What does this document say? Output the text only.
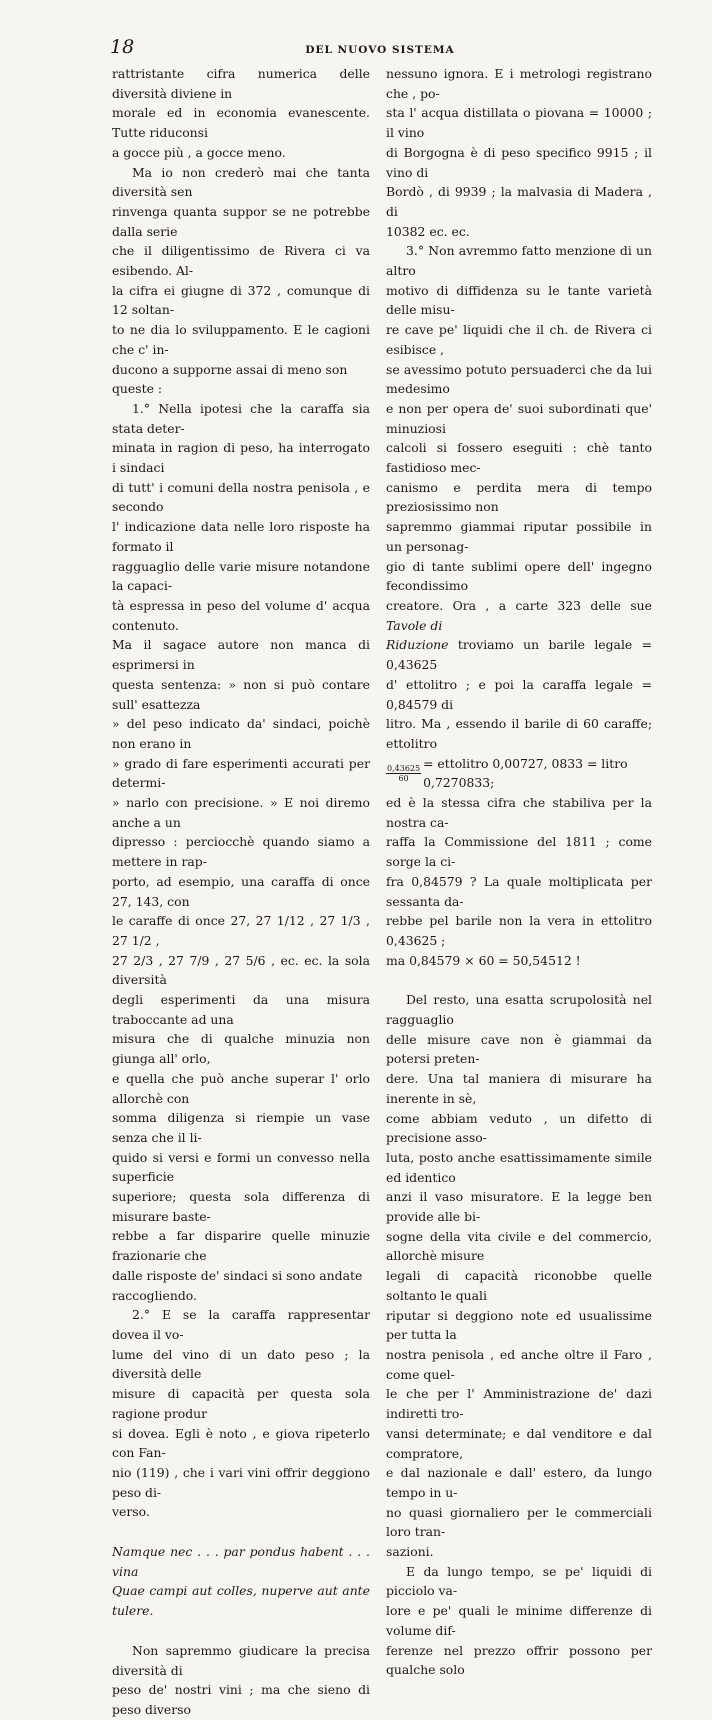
18	DEL NUOVO SISTEMA

rattristante cifra numerica delle diversità diviene in

morale ed in economia evanescente. Tutte riduconsi

a gocce più , a gocce meno.

Ma io non crederò mai che tanta diversità sen

rinvenga quanta suppor se ne potrebbe dalla serie

che il diligentissimo de Rivera ci va esibendo. Al-

la cifra ei giugne di 372 , comunque di 12 soltan-

to ne dia lo sviluppamento. E le cagioni che c' in-

ducono a supporne assai di meno son queste :

1.° Nella ipotesi che la caraffa sia stata deter-

minata in ragion di peso, ha interrogato i sindaci

di tutt' i comuni della nostra penisola , e secondo

l' indicazione data nelle loro risposte ha formato il

ragguaglio delle varie misure notandone la capaci-

tà espressa in peso del volume d' acqua contenuto.

Ma il sagace autore non manca di esprimersi in

questa sentenza: » non si può contare sull' esattezza

» del peso indicato da' sindaci, poichè non erano in

» grado di fare esperimenti accurati per determi-

» narlo con precisione. » E noi diremo anche a un

dipresso : perciocchè quando siamo a mettere in rap-

porto, ad esempio, una caraffa di once 27, 143, con

le caraffe di once 27, 27 1/12 , 27 1/3 , 27 1/2 ,

27 2/3 , 27 7/9 , 27 5/6 , ec. ec. la sola diversità

degli esperimenti da una misura traboccante ad una

misura che di qualche minuzia non giunga all' orlo,

e quella che può anche superar l' orlo allorchè con

somma diligenza si riempie un vase senza che il li-

quido si versi e formi un convesso nella superficie

superiore; questa sola differenza di misurare baste-

rebbe a far disparire quelle minuzie frazionarie che

dalle risposte de' sindaci si sono andate raccogliendo.

2.° E se la caraffa rappresentar dovea il vo-

lume del vino di un dato peso ; la diversità delle

misure di capacità per questa sola ragione produr

si dovea. Egli è noto , e giova ripeterlo con Fan-

nio (119) , che i vari vini offrir deggiono peso di-

verso.

Namque nec . . . par pondus habent . . . vina

Quae campi aut colles, nuperve aut ante tulere.

Non sapremmo giudicare la precisa diversità di

peso de' nostri vini ; ma che sieno di peso diverso

nessuno ignora. E i metrologi registrano che , po-

sta l' acqua distillata o piovana = 10000 ; il vino

di Borgogna è di peso specifico 9915 ; il vino di

Bordò , di 9939 ; la malvasia di Madera , di

10382 ec. ec.

3.° Non avremmo fatto menzione di un altro

motivo di diffidenza su le tante varietà delle misu-

re cave pe' liquidi che il ch. de Rivera ci esibisce ,

se avessimo potuto persuaderci che da lui medesimo

e non per opera de' suoi subordinati que' minuziosi

calcoli si fossero eseguiti : chè tanto fastidioso mec-

canismo e perdita mera di tempo preziosissimo non

sapremmo giammai riputar possibile in un personag-

gio di tante sublimi opere dell' ingegno fecondissimo

creatore. Ora , a carte 323 delle sue Tavole di

Riduzione troviamo un barile legale = 0,43625

d' ettolitro ; e poi la caraffa legale = 0,84579 di

litro. Ma , essendo il barile di 60 caraffe; ettolitro

$\frac{0,43625}{60}$
= ettolitro 0,00727, 0833 = litro 0,7270833;

ed è la stessa cifra che stabiliva per la nostra ca-

raffa la Commissione del 1811 ; come sorge la ci-

fra 0,84579 ? La quale moltiplicata per sessanta da-

rebbe pel barile non la vera in ettolitro 0,43625 ;

ma 0,84579 × 60 = 50,54512 !

Del resto, una esatta scrupolosità nel ragguaglio

delle misure cave non è giammai da potersi preten-

dere. Una tal maniera di misurare ha inerente in sè,

come abbiam veduto , un difetto di precisione asso-

luta, posto anche esattissimamente simile ed identico

anzi il vaso misuratore. E la legge ben provide alle bi-

sogne della vita civile e del commercio, allorchè misure

legali di capacità riconobbe quelle soltanto le quali

riputar si deggiono note ed usualissime per tutta la

nostra penisola , ed anche oltre il Faro , come quel-

le che per l' Amministrazione de' dazi indiretti tro-

vansi determinate; e dal venditore e dal compratore,

e dal nazionale e dall' estero, da lungo tempo in u-

no quasi giornaliero per le commerciali loro tran-

sazioni.

E da lungo tempo, se pe' liquidi di picciolo va-

lore e pe' quali le minime differenze di volume dif-

ferenze nel prezzo offrir possono per qualche solo
